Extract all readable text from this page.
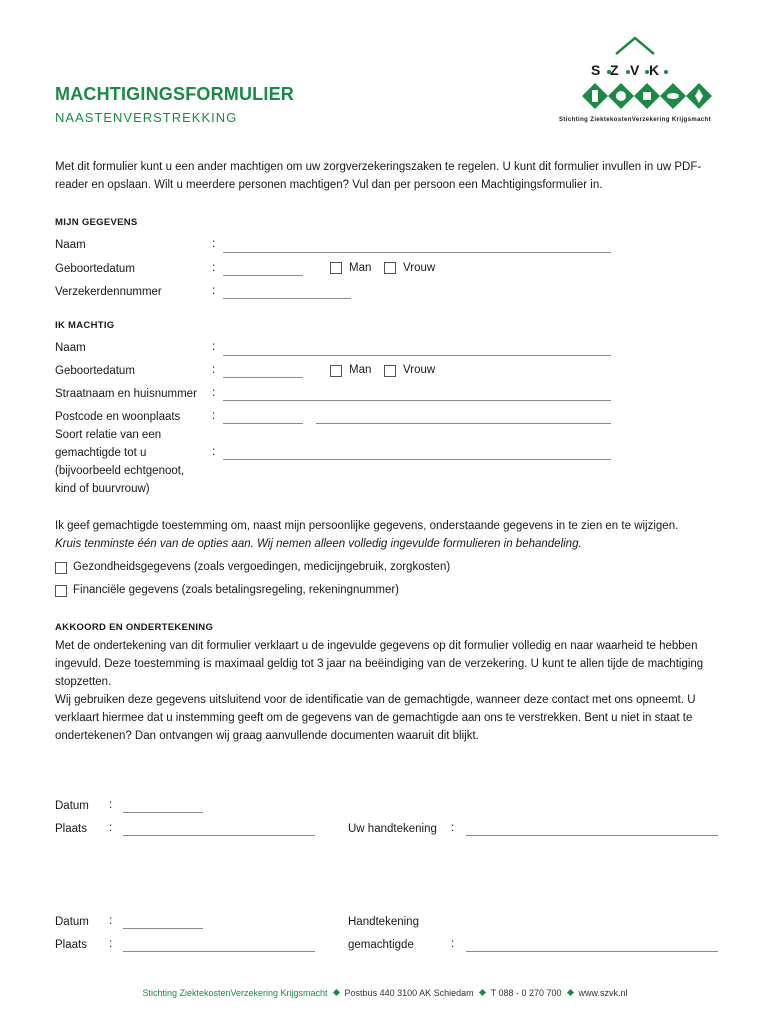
MACHTIGINGSFORMULIER
NAASTENVERSTREKKING
S Z V K
Stichting ZiektekostenVerzekering Krijgsmacht
Met dit formulier kunt u een ander machtigen om uw zorgverzekeringszaken te regelen. U kunt dit formulier invullen in uw PDF-reader en opslaan. Wilt u meerdere personen machtigen? Vul dan per persoon een Machtigingsformulier in.
MIJN GEGEVENS
Naam	:
Geboortedatum	:	Man	Vrouw
Verzekerdennummer	:
IK MACHTIG
Naam	:
Geboortedatum	:	Man	Vrouw
Straatnaam en huisnummer :
Postcode en woonplaats	:
Soort relatie van een
gemachtigde tot u
(bijvoorbeeld echtgenoot,
kind of buurvrouw)
:
Ik geef gemachtigde toestemming om, naast mijn persoonlijke gegevens, onderstaande gegevens in te zien en te wijzigen.
Kruis tenminste één van de opties aan. Wij nemen alleen volledig ingevulde formulieren in behandeling.
Gezondheidsgegevens (zoals vergoedingen, medicijngebruik, zorgkosten)
Financiële gegevens (zoals betalingsregeling, rekeningnummer)
AKKOORD EN ONDERTEKENING
Met de ondertekening van dit formulier verklaart u de ingevulde gegevens op dit formulier volledig en naar waarheid te hebben ingevuld. Deze toestemming is maximaal geldig tot 3 jaar na beëindiging van de verzekering. U kunt te allen tijde de machtiging stopzetten.
Wij gebruiken deze gegevens uitsluitend voor de identificatie van de gemachtigde, wanneer deze contact met ons opneemt. U verklaart hiermee dat u instemming geeft om de gegevens van de gemachtigde aan ons te verstrekken. Bent u niet in staat te ondertekenen? Dan ontvangen wij graag aanvullende documenten waaruit dit blijkt.
Datum :
Plaats :	Uw handtekening :
Datum :	Handtekening
Plaats :	gemachtigde	:
Stichting ZiektekostenVerzekering Krijgsmacht Postbus 440 3100 AK Schiedam T 088 - 0 270 700 www.szvk.nl
